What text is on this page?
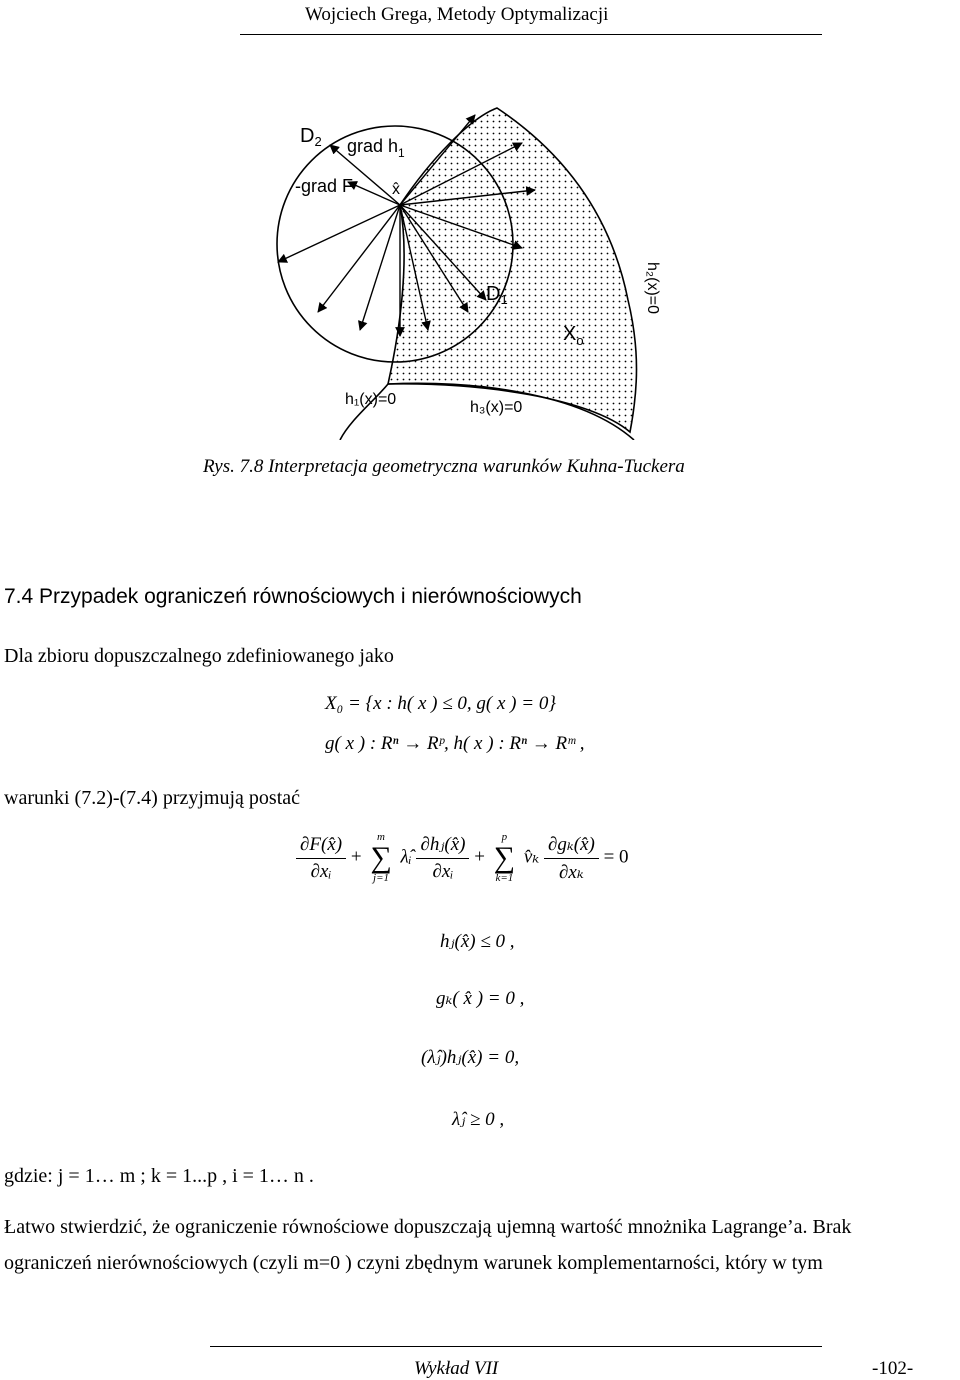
Wojciech Grega, Metody Optymalizacji
$D_2$ grad $h_1$
-grad F x̂
$D_1$
$X_o$
h₁(x)=0	h₃(x)=0
h₂(x)=0
Rys. 7.8 Interpretacja geometryczna warunków Kuhna-Tuckera
7.4 Przypadek ograniczeń równościowych i nierównościowych
Dla zbioru dopuszczalnego zdefiniowanego jako
X₀ = {x : h( x ) ≤ 0, g( x ) = 0}
g( x ) : Rⁿ → Rᵖ, h( x ) : Rⁿ → Rᵐ ,
warunki (7.2)-(7.4) przyjmują postać
$\frac{\partial F(x̂)}{\text{∂xᵢ}}$ +
m
∑
j=1
λ̂ᵢ $\frac{\text{∂hⱼ(x̂)}}{\text{∂xᵢ}}$ +
p
∑
k=1
v̂ₖ $\frac{\text{∂gₖ(x̂)}}{\text{∂xₖ}} = 0$
hⱼ(x̂) ≤ 0 ,
gₖ( x̂ ) = 0 ,
(λ̂ⱼ)hⱼ(x̂) = 0,
λ̂ⱼ ≥ 0 ,
gdzie: j = 1… m ; k = 1...p , i = 1… n .
Łatwo stwierdzić, że ograniczenie równościowe dopuszczają ujemną wartość mnożnika Lagrange’a. Brak
ograniczeń nierównościowych (czyli m=0 ) czyni zbędnym warunek komplementarności, który w tym
Wykład VII	-102-
